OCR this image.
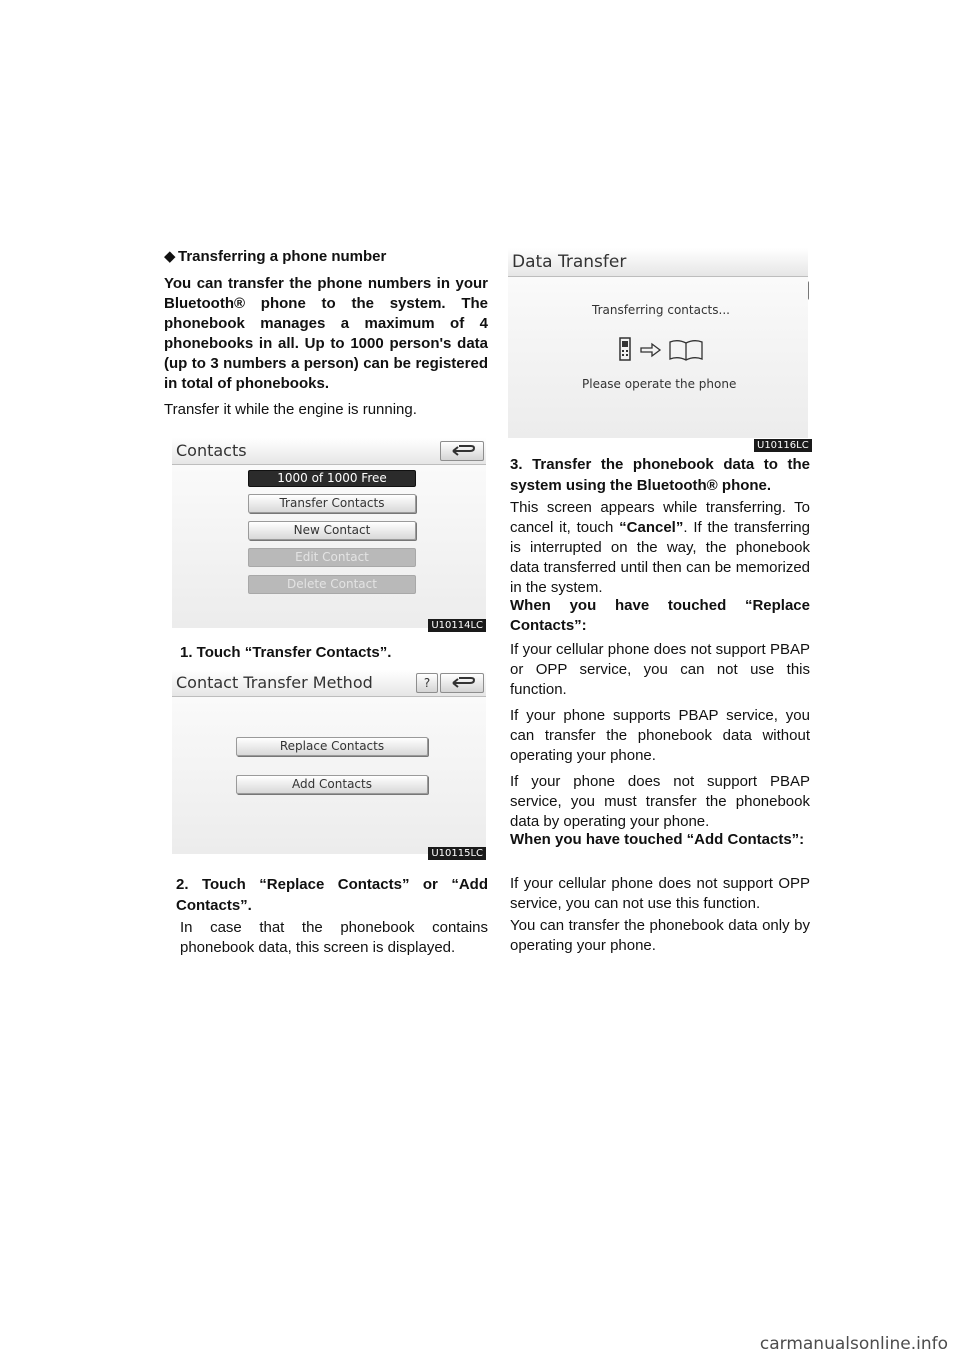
◆ Transferring a phone number

You can transfer the phone numbers in your Bluetooth® phone to the system. The phonebook manages a maximum of 4 phonebooks in all. Up to 1000 person's data (up to 3 numbers a person) can be registered in total of phonebooks.

Transfer it while the engine is running.

Contacts
1000 of 1000 Free
Transfer Contacts
New Contact
Edit Contact
Delete Contact
U10114LC

1. Touch “Transfer Contacts”.

Contact Transfer Method	?
Replace Contacts
Add Contacts
U10115LC

2. Touch “Replace Contacts” or “Add Contacts”.

In case that the phonebook contains phonebook data, this screen is displayed.

Data Transfer
Transferring contacts...
Please operate the phone
U10116LC

3. Transfer the phonebook data to the system using the Bluetooth® phone.

This screen appears while transferring. To cancel it, touch “Cancel”. If the transferring is interrupted on the way, the phonebook data transferred until then can be memorized in the system.

When you have touched “Replace Contacts”:

If your cellular phone does not support PBAP or OPP service, you can not use this function.

If your phone supports PBAP service, you can transfer the phonebook data without operating your phone.

If your phone does not support PBAP service, you must transfer the phonebook data by operating your phone.

When you have touched “Add Contacts”:

If your cellular phone does not support OPP service, you can not use this function.

You can transfer the phonebook data only by operating your phone.

carmanualsonline.info
